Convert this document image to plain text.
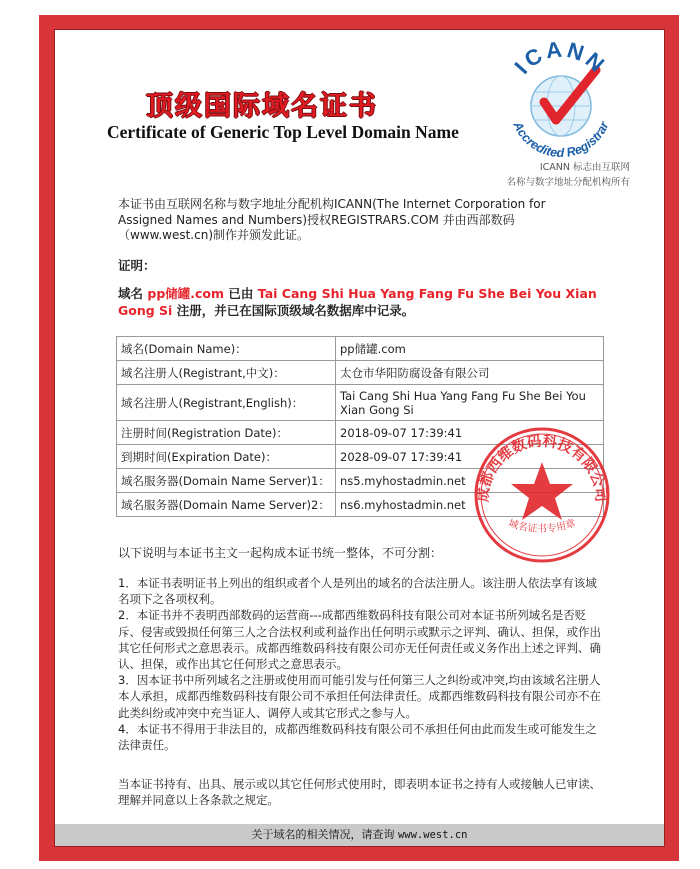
顶级国际域名证书
Certificate of Generic Top Level Domain Name
ICANN
Accredited Registrar
ICANN 标志由互联网
名称与数字地址分配机构所有
本证书由互联网名称与数字地址分配机构ICANN(The Internet Corporation for Assigned Names and Numbers)授权REGISTRARS.COM 并由西部数码（www.west.cn)制作并颁发此证。
证明：
域名 pp储罐.com 已由 Tai Cang Shi Hua Yang Fang Fu She Bei You Xian Gong Si 注册，并已在国际顶级域名数据库中记录。
域名(Domain Name)：	pp储罐.com
域名注册人(Registrant,中文)：	太仓市华阳防腐设备有限公司
域名注册人(Registrant,English)：	Tai Cang Shi Hua Yang Fang Fu She Bei You Xian Gong Si
注册时间(Registration Date)：	2018-09-07 17:39:41
到期时间(Expiration Date)：	2028-09-07 17:39:41
域名服务器(Domain Name Server)1：	ns5.myhostadmin.net
域名服务器(Domain Name Server)2：	ns6.myhostadmin.net
成都西维数码科技有限公司
域名证书专用章
以下说明与本证书主文一起构成本证书统一整体，不可分割：

1．本证书表明证书上列出的组织或者个人是列出的域名的合法注册人。该注册人依法享有该域名项下之各项权利。

2．本证书并不表明西部数码的运营商---成都西维数码科技有限公司对本证书所列域名是否贬斥、侵害或毁损任何第三人之合法权利或利益作出任何明示或默示之评判、确认、担保，或作出其它任何形式之意思表示。成都西维数码科技有限公司亦无任何责任或义务作出上述之评判、确认、担保，或作出其它任何形式之意思表示。

3．因本证书中所列域名之注册或使用而可能引发与任何第三人之纠纷或冲突,均由该域名注册人本人承担，成都西维数码科技有限公司不承担任何法律责任。成都西维数码科技有限公司亦不在此类纠纷或冲突中充当证人、调停人或其它形式之参与人。

4．本证书不得用于非法目的，成都西维数码科技有限公司不承担任何由此而发生或可能发生之法律责任。

当本证书持有、出具、展示或以其它任何形式使用时，即表明本证书之持有人或接触人已审读、理解并同意以上各条款之规定。
关于域名的相关情况，请查询 www.west.cn
